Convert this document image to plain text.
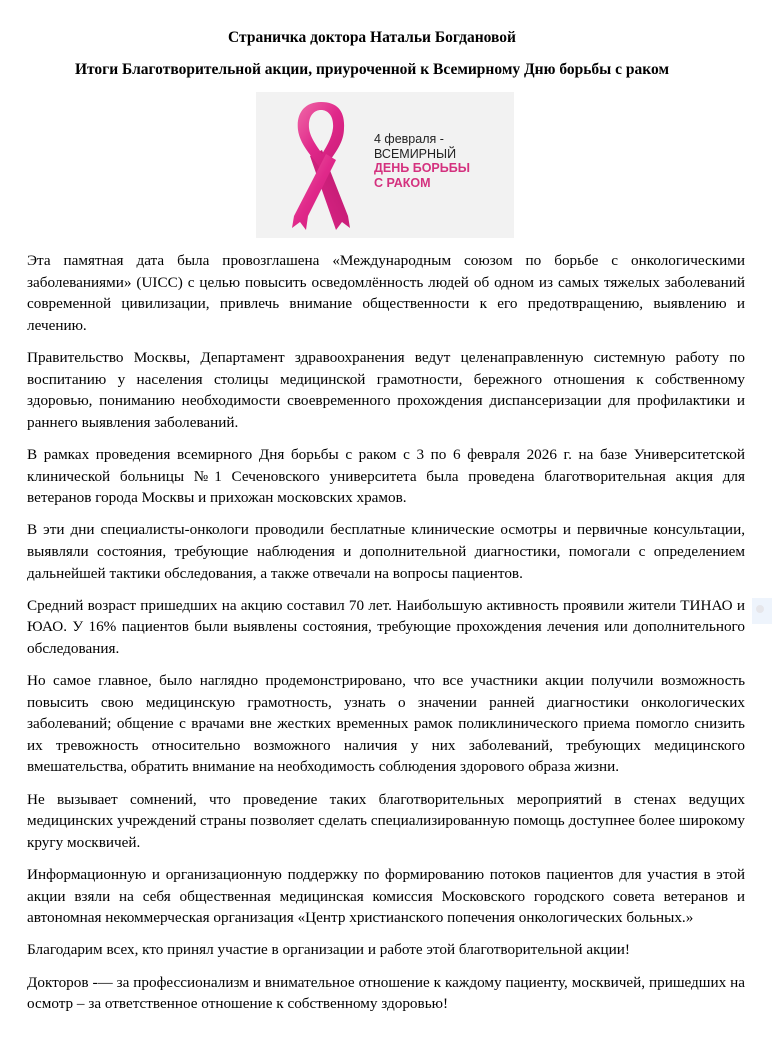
Страничка доктора Натальи Богдановой
Итоги Благотворительной акции, приуроченной к Всемирному Дню борьбы с раком
4 февраля -
ВСЕМИРНЫЙ
ДЕНЬ БОРЬБЫ
С РАКОМ

Эта памятная дата была провозглашена «Международным союзом по борьбе с онкологическими заболеваниями» (UICC) с целью повысить осведомлённость людей об одном из самых тяжелых заболеваний современной цивилизации, привлечь внимание общественности к его предотвращению, выявлению и лечению.

Правительство Москвы, Департамент здравоохранения ведут целенаправленную системную работу по воспитанию у населения столицы медицинской грамотности, бережного отношения к собственному здоровью, пониманию необходимости своевременного прохождения диспансеризации для профилактики и раннего выявления заболеваний.

В рамках проведения всемирного Дня борьбы с раком с 3 по 6 февраля 2026 г. на базе Университетской клинической больницы №1 Сеченовского университета была проведена благотворительная акция для ветеранов города Москвы и прихожан московских храмов.

В эти дни специалисты-онкологи проводили бесплатные клинические осмотры и первичные консультации, выявляли состояния, требующие наблюдения и дополнительной диагностики, помогали с определением дальнейшей тактики обследования, а также отвечали на вопросы пациентов.

Средний возраст пришедших на акцию составил 70 лет. Наибольшую активность проявили жители ТИНАО и ЮАО. У 16% пациентов были выявлены состояния, требующие прохождения лечения или дополнительного обследования.

Но самое главное, было наглядно продемонстрировано, что все участники акции получили возможность повысить свою медицинскую грамотность, узнать о значении ранней диагностики онкологических заболеваний; общение с врачами вне жестких временных рамок поликлинического приема помогло снизить их тревожность относительно возможного наличия у них заболеваний, требующих медицинского вмешательства, обратить внимание на необходимость соблюдения здорового образа жизни.

Не вызывает сомнений, что проведение таких благотворительных мероприятий в стенах ведущих медицинских учреждений страны позволяет сделать специализированную помощь доступнее более широкому кругу москвичей.

Информационную и организационную поддержку по формированию потоков пациентов для участия в этой акции взяли на себя общественная медицинская комиссия Московского городского совета ветеранов и автономная некоммерческая организация «Центр христианского попечения онкологических больных.»

Благодарим всех, кто принял участие в организации и работе этой благотворительной акции!

Докторов -— за профессионализм и внимательное отношение к каждому пациенту, москвичей, пришедших на осмотр – за ответственное отношение к собственному здоровью!
